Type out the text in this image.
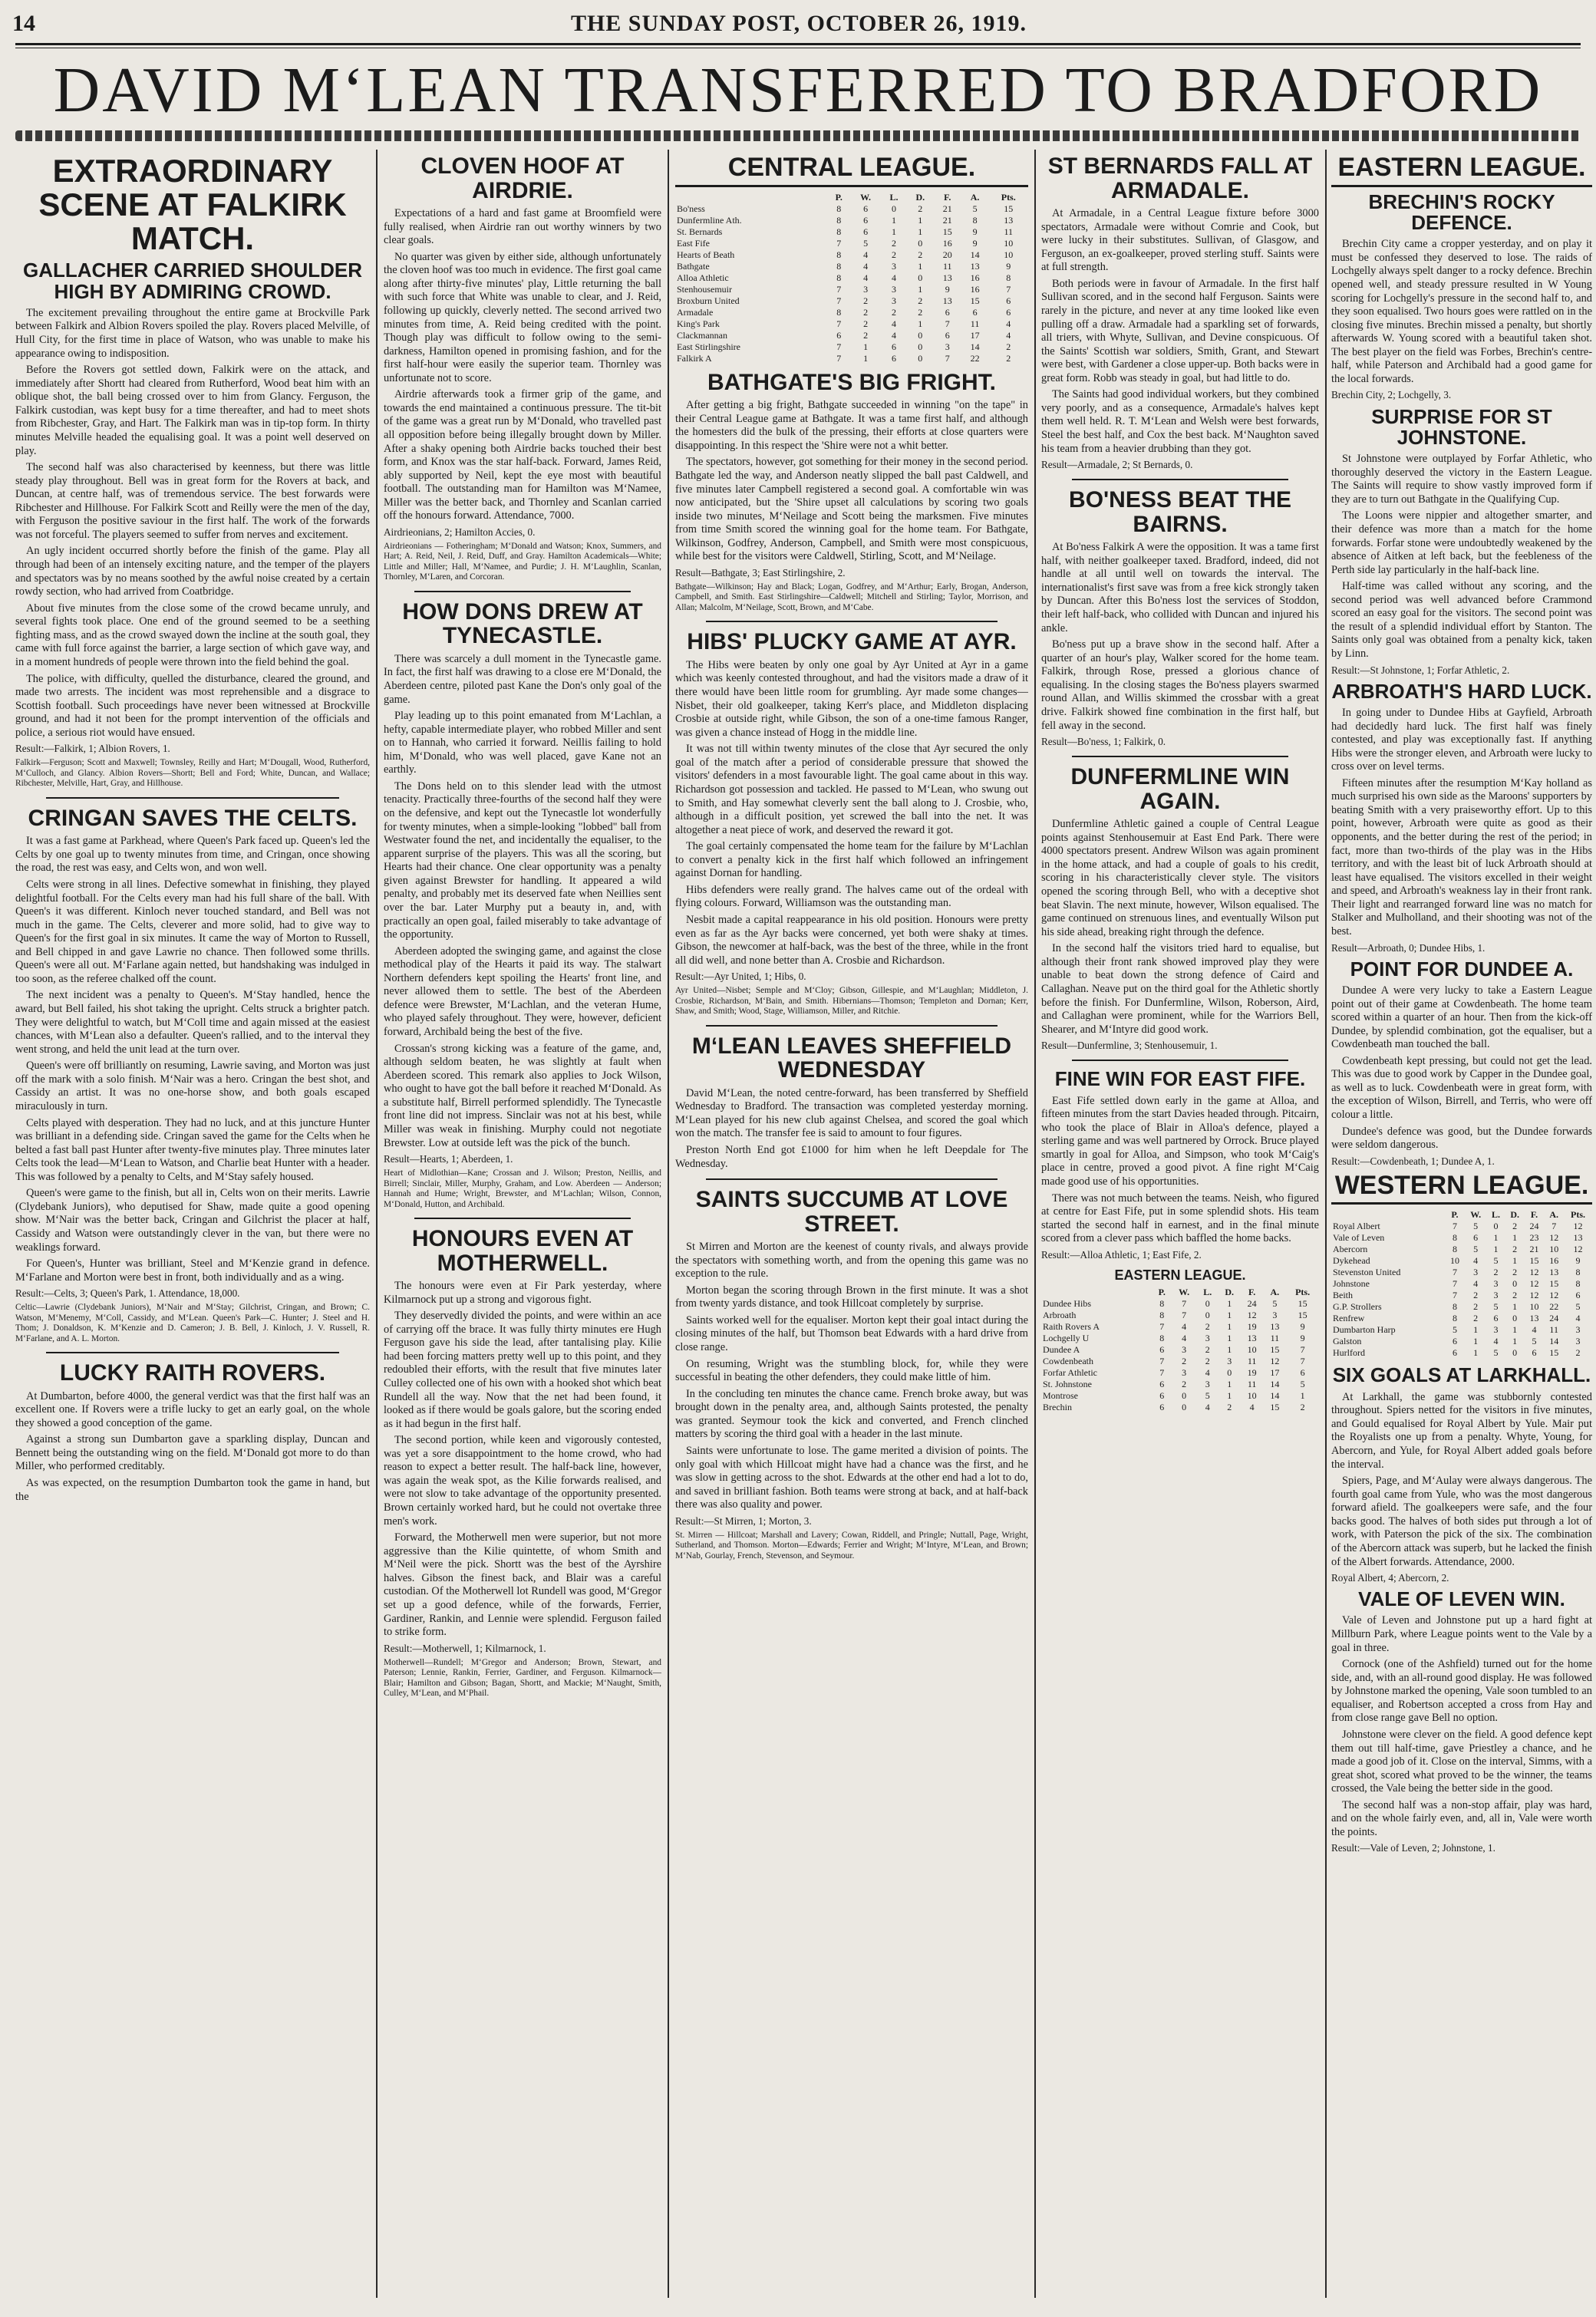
14	THE SUNDAY POST, OCTOBER 26, 1919.
DAVID M‘LEAN TRANSFERRED TO BRADFORD
EXTRAORDINARY SCENE AT FALKIRK MATCH.
GALLACHER CARRIED SHOULDER HIGH BY ADMIRING CROWD.

The excitement prevailing throughout the entire game at Brockville Park between Falkirk and Albion Rovers spoiled the play. Rovers placed Melville, of Hull City, for the first time in place of Watson, who was unable to make his appearance owing to indisposition.

Before the Rovers got settled down, Falkirk were on the attack, and immediately after Shortt had cleared from Rutherford, Wood beat him with an oblique shot, the ball being crossed over to him from Glancy. Ferguson, the Falkirk custodian, was kept busy for a time thereafter, and had to meet shots from Ribchester, Gray, and Hart. The Falkirk man was in tip-top form. In thirty minutes Melville headed the equalising goal. It was a point well deserved on play.

The second half was also characterised by keenness, but there was little steady play throughout. Bell was in great form for the Rovers at back, and Duncan, at centre half, was of tremendous service. The best forwards were Ribchester and Hillhouse. For Falkirk Scott and Reilly were the men of the day, with Ferguson the positive saviour in the first half. The work of the forwards was not forceful. The players seemed to suffer from nerves and excitement.

An ugly incident occurred shortly before the finish of the game. Play all through had been of an intensely exciting nature, and the temper of the players and spectators was by no means soothed by the awful noise created by a certain rowdy section, who had arrived from Coatbridge.

About five minutes from the close some of the crowd became unruly, and several fights took place. One end of the ground seemed to be a seething fighting mass, and as the crowd swayed down the incline at the south goal, they came with full force against the barrier, a large section of which gave way, and in a moment hundreds of people were thrown into the field behind the goal.

The police, with difficulty, quelled the disturbance, cleared the ground, and made two arrests. The incident was most reprehensible and a disgrace to Scottish football. Such proceedings have never been witnessed at Brockville ground, and had it not been for the prompt intervention of the officials and police, a serious riot would have ensued.

Result:—Falkirk, 1; Albion Rovers, 1.

Falkirk—Ferguson; Scott and Maxwell; Townsley, Reilly and Hart; M‘Dougall, Wood, Rutherford, M‘Culloch, and Glancy. Albion Rovers—Shortt; Bell and Ford; White, Duncan, and Wallace; Ribchester, Melville, Hart, Gray, and Hillhouse.

CRINGAN SAVES THE CELTS.

It was a fast game at Parkhead, where Queen's Park faced up. Queen's led the Celts by one goal up to twenty minutes from time, and Cringan, once showing the road, the rest was easy, and Celts won, and won well.

Celts were strong in all lines. Defective somewhat in finishing, they played delightful football. For the Celts every man had his full share of the ball. With Queen's it was different. Kinloch never touched standard, and Bell was not much in the game. The Celts, cleverer and more solid, had to give way to Queen's for the first goal in six minutes. It came the way of Morton to Russell, and Bell chipped in and gave Lawrie no chance. Then followed some thrills. Queen's were all out. M‘Farlane again netted, but handshaking was indulged in too soon, as the referee chalked off the count.

The next incident was a penalty to Queen's. M‘Stay handled, hence the award, but Bell failed, his shot taking the upright. Celts struck a brighter patch. They were delightful to watch, but M‘Coll time and again missed at the easiest chances, with M‘Lean also a defaulter. Queen's rallied, and to the interval they went strong, and held the unit lead at the turn over.

Queen's were off brilliantly on resuming, Lawrie saving, and Morton was just off the mark with a solo finish. M‘Nair was a hero. Cringan the best shot, and Cassidy an artist. It was no one-horse show, and both goals escaped miraculously in turn.

Celts played with desperation. They had no luck, and at this juncture Hunter was brilliant in a defending side. Cringan saved the game for the Celts when he belted a fast ball past Hunter after twenty-five minutes play. Three minutes later Celts took the lead—M‘Lean to Watson, and Charlie beat Hunter with a header. This was followed by a penalty to Celts, and M‘Stay safely housed.

Queen's were game to the finish, but all in, Celts won on their merits. Lawrie (Clydebank Juniors), who deputised for Shaw, made quite a good opening show. M‘Nair was the better back, Cringan and Gilchrist the placer at half, Cassidy and Watson were outstandingly clever in the van, but there were no weaklings forward.

For Queen's, Hunter was brilliant, Steel and M‘Kenzie grand in defence. M‘Farlane and Morton were best in front, both individually and as a wing.

Result:—Celts, 3; Queen's Park, 1. Attendance, 18,000.

Celtic—Lawrie (Clydebank Juniors), M‘Nair and M‘Stay; Gilchrist, Cringan, and Brown; C. Watson, M‘Menemy, M‘Coll, Cassidy, and M‘Lean. Queen's Park—C. Hunter; J. Steel and H. Thom; J. Donaldson, K. M‘Kenzie and D. Cameron; J. B. Bell, J. Kinloch, J. V. Russell, R. M‘Farlane, and A. L. Morton.

LUCKY RAITH ROVERS.

At Dumbarton, before 4000, the general verdict was that the first half was an excellent one. If Rovers were a trifle lucky to get an early goal, on the whole they showed a good conception of the game.

Against a strong sun Dumbarton gave a sparkling display, Duncan and Bennett being the outstanding wing on the field. M‘Donald got more to do than Miller, who performed creditably.

As was expected, on the resumption Dumbarton took the game in hand, but the

CLOVEN HOOF AT AIRDRIE.

Expectations of a hard and fast game at Broomfield were fully realised, when Airdrie ran out worthy winners by two clear goals.

No quarter was given by either side, although unfortunately the cloven hoof was too much in evidence. The first goal came along after thirty-five minutes' play, Little returning the ball with such force that White was unable to clear, and J. Reid, following up quickly, cleverly netted. The second arrived two minutes from time, A. Reid being credited with the point. Though play was difficult to follow owing to the semi-darkness, Hamilton opened in promising fashion, and for the first half-hour were easily the superior team. Thornley was unfortunate not to score.

Airdrie afterwards took a firmer grip of the game, and towards the end maintained a continuous pressure. The tit-bit of the game was a great run by M‘Donald, who travelled past all opposition before being illegally brought down by Miller. After a shaky opening both Airdrie backs touched their best form, and Knox was the star half-back. Forward, James Reid, ably supported by Neil, kept the eye most with beautiful football. The outstanding man for Hamilton was M‘Namee, Miller was the better back, and Thornley and Scanlan carried off the honours forward. Attendance, 7000.

Airdrieonians, 2; Hamilton Accies, 0.

Airdrieonians — Fotheringham; M‘Donald and Watson; Knox, Summers, and Hart; A. Reid, Neil, J. Reid, Duff, and Gray. Hamilton Academicals—White; Little and Miller; Hall, M‘Namee, and Purdie; J. H. M‘Laughlin, Scanlan, Thornley, M‘Laren, and Corcoran.

HOW DONS DREW AT TYNECASTLE.

There was scarcely a dull moment in the Tynecastle game. In fact, the first half was drawing to a close ere M‘Donald, the Aberdeen centre, piloted past Kane the Don's only goal of the game.

Play leading up to this point emanated from M‘Lachlan, a hefty, capable intermediate player, who robbed Miller and sent on to Hannah, who carried it forward. Neillis failing to hold him, M‘Donald, who was well placed, gave Kane not an earthly.

The Dons held on to this slender lead with the utmost tenacity. Practically three-fourths of the second half they were on the defensive, and kept out the Tynecastle lot wonderfully for twenty minutes, when a simple-looking "lobbed" ball from Westwater found the net, and incidentally the equaliser, to the apparent surprise of the players. This was all the scoring, but Hearts had their chance. One clear opportunity was a penalty given against Brewster for handling. It appeared a wild penalty, and probably met its deserved fate when Neillies sent over the bar. Later Murphy put a beauty in, and, with practically an open goal, failed miserably to take advantage of the opportunity.

Aberdeen adopted the swinging game, and against the close methodical play of the Hearts it paid its way. The stalwart Northern defenders kept spoiling the Hearts' front line, and never allowed them to settle. The best of the Aberdeen defence were Brewster, M‘Lachlan, and the veteran Hume, who played safely throughout. They were, however, deficient forward, Archibald being the best of the five.

Crossan's strong kicking was a feature of the game, and, although seldom beaten, he was slightly at fault when Aberdeen scored. This remark also applies to Jock Wilson, who ought to have got the ball before it reached M‘Donald. As a substitute half, Birrell performed splendidly. The Tynecastle front line did not impress. Sinclair was not at his best, while Miller was weak in finishing. Murphy could not negotiate Brewster. Low at outside left was the pick of the bunch.

Result—Hearts, 1; Aberdeen, 1.

Heart of Midlothian—Kane; Crossan and J. Wilson; Preston, Neillis, and Birrell; Sinclair, Miller, Murphy, Graham, and Low. Aberdeen — Anderson; Hannah and Hume; Wright, Brewster, and M‘Lachlan; Wilson, Connon, M‘Donald, Hutton, and Archibald.

HONOURS EVEN AT MOTHERWELL.

The honours were even at Fir Park yesterday, where Kilmarnock put up a strong and vigorous fight.

They deservedly divided the points, and were within an ace of carrying off the brace. It was fully thirty minutes ere Hugh Ferguson gave his side the lead, after tantalising play. Kilie had been forcing matters pretty well up to this point, and they redoubled their efforts, with the result that five minutes later Culley collected one of his own with a hooked shot which beat Rundell all the way. Now that the net had been found, it looked as if there would be goals galore, but the scoring ended as it had begun in the first half.

The second portion, while keen and vigorously contested, was yet a sore disappointment to the home crowd, who had reason to expect a better result. The half-back line, however, was again the weak spot, as the Kilie forwards realised, and were not slow to take advantage of the opportunity presented. Brown certainly worked hard, but he could not overtake three men's work.

Forward, the Motherwell men were superior, but not more aggressive than the Kilie quintette, of whom Smith and M‘Neil were the pick. Shortt was the best of the Ayrshire halves. Gibson the finest back, and Blair was a careful custodian. Of the Motherwell lot Rundell was good, M‘Gregor set up a good defence, while of the forwards, Ferrier, Gardiner, Rankin, and Lennie were splendid. Ferguson failed to strike form.

Result:—Motherwell, 1; Kilmarnock, 1.

Motherwell—Rundell; M‘Gregor and Anderson; Brown, Stewart, and Paterson; Lennie, Rankin, Ferrier, Gardiner, and Ferguson. Kilmarnock—Blair; Hamilton and Gibson; Bagan, Shortt, and Mackie; M‘Naught, Smith, Culley, M‘Lean, and M‘Phail.

CENTRAL LEAGUE.
	P.	W.	L.	D.	F.	A.	Pts.
Bo'ness	8	6	0	2	21	5	15
Dunfermline Ath.	8	6	1	1	21	8	13
St. Bernards	8	6	1	1	15	9	11
East Fife	7	5	2	0	16	9	10
Hearts of Beath	8	4	2	2	20	14	10
Bathgate	8	4	3	1	11	13	9
Alloa Athletic	8	4	4	0	13	16	8
Stenhousemuir	7	3	3	1	9	16	7
Broxburn United	7	2	3	2	13	15	6
Armadale	8	2	2	2	6	6	6
King's Park	7	2	4	1	7	11	4
Clackmannan	6	2	4	0	6	17	4
East Stirlingshire	7	1	6	0	3	14	2
Falkirk A	7	1	6	0	7	22	2
BATHGATE'S BIG FRIGHT.

After getting a big fright, Bathgate succeeded in winning "on the tape" in their Central League game at Bathgate. It was a tame first half, and although the homesters did the bulk of the pressing, their efforts at close quarters were disappointing. In this respect the 'Shire were not a whit better.

The spectators, however, got something for their money in the second period. Bathgate led the way, and Anderson neatly slipped the ball past Caldwell, and five minutes later Campbell registered a second goal. A comfortable win was now anticipated, but the 'Shire upset all calculations by scoring two goals inside two minutes, M‘Neilage and Scott being the marksmen. Five minutes from time Smith scored the winning goal for the home team. For Bathgate, Wilkinson, Godfrey, Anderson, Campbell, and Smith were most conspicuous, while best for the visitors were Caldwell, Stirling, Scott, and M‘Neilage.

Result—Bathgate, 3; East Stirlingshire, 2.

Bathgate—Wilkinson; Hay and Black; Logan, Godfrey, and M‘Arthur; Early, Brogan, Anderson, Campbell, and Smith. East Stirlingshire—Caldwell; Mitchell and Stirling; Taylor, Morrison, and Allan; Malcolm, M‘Neilage, Scott, Brown, and M‘Cabe.

HIBS' PLUCKY GAME AT AYR.

The Hibs were beaten by only one goal by Ayr United at Ayr in a game which was keenly contested throughout, and had the visitors made a draw of it there would have been little room for grumbling. Ayr made some changes—Nisbet, their old goalkeeper, taking Kerr's place, and Middleton displacing Crosbie at outside right, while Gibson, the son of a one-time famous Ranger, was given a chance instead of Hogg in the middle line.

It was not till within twenty minutes of the close that Ayr secured the only goal of the match after a period of considerable pressure that showed the visitors' defenders in a most favourable light. The goal came about in this way. Richardson got possession and tackled. He passed to M‘Lean, who swung out to Smith, and Hay somewhat cleverly sent the ball along to J. Crosbie, who, although in a difficult position, yet screwed the ball into the net. It was altogether a neat piece of work, and deserved the reward it got.

The goal certainly compensated the home team for the failure by M‘Lachlan to convert a penalty kick in the first half which followed an infringement against Dornan for handling.

Hibs defenders were really grand. The halves came out of the ordeal with flying colours. Forward, Williamson was the outstanding man.

Nesbit made a capital reappearance in his old position. Honours were pretty even as far as the Ayr backs were concerned, yet both were shaky at times. Gibson, the newcomer at half-back, was the best of the three, while in the front all did well, and none better than A. Crosbie and Richardson.

Result:—Ayr United, 1; Hibs, 0.

Ayr United—Nisbet; Semple and M‘Cloy; Gibson, Gillespie, and M‘Laughlan; Middleton, J. Crosbie, Richardson, M‘Bain, and Smith. Hibernians—Thomson; Templeton and Dornan; Kerr, Shaw, and Smith; Wood, Stage, Williamson, Miller, and Ritchie.

M‘LEAN LEAVES SHEFFIELD WEDNESDAY

David M‘Lean, the noted centre-forward, has been transferred by Sheffield Wednesday to Bradford. The transaction was completed yesterday morning. M‘Lean played for his new club against Chelsea, and scored the goal which won the match. The transfer fee is said to amount to four figures.

Preston North End got £1000 for him when he left Deepdale for The Wednesday.

SAINTS SUCCUMB AT LOVE STREET.

St Mirren and Morton are the keenest of county rivals, and always provide the spectators with something worth, and from the opening this game was no exception to the rule.

Morton began the scoring through Brown in the first minute. It was a shot from twenty yards distance, and took Hillcoat completely by surprise.

Saints worked well for the equaliser. Morton kept their goal intact during the closing minutes of the half, but Thomson beat Edwards with a hard drive from close range.

On resuming, Wright was the stumbling block, for, while they were successful in beating the other defenders, they could make little of him.

In the concluding ten minutes the chance came. French broke away, but was brought down in the penalty area, and, although Saints protested, the penalty was granted. Seymour took the kick and converted, and French clinched matters by scoring the third goal with a header in the last minute.

Saints were unfortunate to lose. The game merited a division of points. The only goal with which Hillcoat might have had a chance was the first, and he was slow in getting across to the shot. Edwards at the other end had a lot to do, and saved in brilliant fashion. Both teams were strong at back, and at half-back there was also quality and power.

Result:—St Mirren, 1; Morton, 3.

St. Mirren — Hillcoat; Marshall and Lavery; Cowan, Riddell, and Pringle; Nuttall, Page, Wright, Sutherland, and Thomson. Morton—Edwards; Ferrier and Wright; M‘Intyre, M‘Lean, and Brown; M‘Nab, Gourlay, French, Stevenson, and Seymour.

ST BERNARDS FALL AT ARMADALE.

At Armadale, in a Central League fixture before 3000 spectators, Armadale were without Comrie and Cook, but were lucky in their substitutes. Sullivan, of Glasgow, and Ferguson, an ex-goalkeeper, proved sterling stuff. Saints were at full strength.

Both periods were in favour of Armadale. In the first half Sullivan scored, and in the second half Ferguson. Saints were rarely in the picture, and never at any time looked like even pulling off a draw. Armadale had a sparkling set of forwards, all triers, with Whyte, Sullivan, and Devine conspicuous. Of the Saints' Scottish war soldiers, Smith, Grant, and Stewart were best, with Gardener a close upper-up. Both backs were in great form. Robb was steady in goal, but had little to do.

The Saints had good individual workers, but they combined very poorly, and as a consequence, Armadale's halves kept them well held. R. T. M‘Lean and Welsh were best forwards, Steel the best half, and Cox the best back. M‘Naughton saved his team from a heavier drubbing than they got.

Result—Armadale, 2; St Bernards, 0.

BO'NESS BEAT THE BAIRNS.

At Bo'ness Falkirk A were the opposition. It was a tame first half, with neither goalkeeper taxed. Bradford, indeed, did not handle at all until well on towards the interval. The internationalist's first save was from a free kick strongly taken by Duncan. After this Bo'ness lost the services of Stoddon, their left half-back, who collided with Duncan and injured his ankle.

Bo'ness put up a brave show in the second half. After a quarter of an hour's play, Walker scored for the home team. Falkirk, through Rose, pressed a glorious chance of equalising. In the closing stages the Bo'ness players swarmed round Allan, and Willis skimmed the crossbar with a great drive. Falkirk showed fine combination in the first half, but fell away in the second.

Result—Bo'ness, 1; Falkirk, 0.

DUNFERMLINE WIN AGAIN.

Dunfermline Athletic gained a couple of Central League points against Stenhousemuir at East End Park. There were 4000 spectators present. Andrew Wilson was again prominent in the home attack, and had a couple of goals to his credit, scoring in his characteristically clever style. The visitors opened the scoring through Bell, who with a deceptive shot beat Slavin. The next minute, however, Wilson equalised. The game continued on strenuous lines, and eventually Wilson put his side ahead, breaking right through the defence.

In the second half the visitors tried hard to equalise, but although their front rank showed improved play they were unable to beat down the strong defence of Caird and Callaghan. Neave put on the third goal for the Athletic shortly before the finish. For Dunfermline, Wilson, Roberson, Aird, and Callaghan were prominent, while for the Warriors Bell, Shearer, and M‘Intyre did good work.

Result—Dunfermline, 3; Stenhousemuir, 1.

FINE WIN FOR EAST FIFE.

East Fife settled down early in the game at Alloa, and fifteen minutes from the start Davies headed through. Pitcairn, who took the place of Blair in Alloa's defence, played a sterling game and was well partnered by Orrock. Bruce played smartly in goal for Alloa, and Simpson, who took M‘Caig's place in centre, proved a good pivot. A fine right M‘Caig made good use of his opportunities.

There was not much between the teams. Neish, who figured at centre for East Fife, put in some splendid shots. His team started the second half in earnest, and in the final minute scored from a clever pass which baffled the home backs.

Result:—Alloa Athletic, 1; East Fife, 2.

EASTERN LEAGUE.
	P.	W.	L.	D.	F.	A.	Pts.
Dundee Hibs	8	7	0	1	24	5	15
Arbroath	8	7	0	1	12	3	15
Raith Rovers A	7	4	2	1	19	13	9
Lochgelly U	8	4	3	1	13	11	9
Dundee A	6	3	2	1	10	15	7
Cowdenbeath	7	2	2	3	11	12	7
Forfar Athletic	7	3	4	0	19	17	6
St. Johnstone	6	2	3	1	11	14	5
Montrose	6	0	5	1	10	14	1
Brechin	6	0	4	2	4	15	2
EASTERN LEAGUE.
BRECHIN'S ROCKY DEFENCE.

Brechin City came a cropper yesterday, and on play it must be confessed they deserved to lose. The raids of Lochgelly always spelt danger to a rocky defence. Brechin opened well, and steady pressure resulted in W Young scoring for Lochgelly's pressure in the second half to, and they soon equalised. Two hours goes were rattled on in the closing five minutes. Brechin missed a penalty, but shortly afterwards W. Young scored with a beautiful taken shot. The best player on the field was Forbes, Brechin's centre-half, while Paterson and Archibald had a good game for the local forwards.

Brechin City, 2; Lochgelly, 3.

SURPRISE FOR ST JOHNSTONE.

St Johnstone were outplayed by Forfar Athletic, who thoroughly deserved the victory in the Eastern League. The Saints will require to show vastly improved form if they are to turn out Bathgate in the Qualifying Cup.

The Loons were nippier and altogether smarter, and their defence was more than a match for the home forwards. Forfar stone were undoubtedly weakened by the absence of Aitken at left back, but the feebleness of the Perth side lay particularly in the half-back line.

Half-time was called without any scoring, and the second period was well advanced before Crammond scored an easy goal for the visitors. The second point was the result of a splendid individual effort by Stanton. The Saints only goal was obtained from a penalty kick, taken by Linn.

Result:—St Johnstone, 1; Forfar Athletic, 2.

ARBROATH'S HARD LUCK.

In going under to Dundee Hibs at Gayfield, Arbroath had decidedly hard luck. The first half was finely contested, and play was exceptionally fast. If anything Hibs were the stronger eleven, and Arbroath were lucky to cross over on level terms.

Fifteen minutes after the resumption M‘Kay holland as much surprised his own side as the Maroons' supporters by beating Smith with a very praiseworthy effort. Up to this point, however, Arbroath were quite as good as their opponents, and the better during the rest of the period; in fact, more than two-thirds of the play was in the Hibs territory, and with the least bit of luck Arbroath should at least have equalised. The visitors excelled in their weight and speed, and Arbroath's weakness lay in their front rank. Their light and rearranged forward line was no match for Stalker and Mulholland, and their shooting was not of the best.

Result—Arbroath, 0; Dundee Hibs, 1.

POINT FOR DUNDEE A.

Dundee A were very lucky to take a Eastern League point out of their game at Cowdenbeath. The home team scored within a quarter of an hour. Then from the kick-off Dundee, by splendid combination, got the equaliser, but a Cowdenbeath man touched the ball.

Cowdenbeath kept pressing, but could not get the lead. This was due to good work by Capper in the Dundee goal, as well as to luck. Cowdenbeath were in great form, with the exception of Wilson, Birrell, and Terris, who were off colour a little.

Dundee's defence was good, but the Dundee forwards were seldom dangerous.

Result:—Cowdenbeath, 1; Dundee A, 1.

WESTERN LEAGUE.
	P.	W.	L.	D.	F.	A.	Pts.
Royal Albert	7	5	0	2	24	7	12
Vale of Leven	8	6	1	1	23	12	13
Abercorn	8	5	1	2	21	10	12
Dykehead	10	4	5	1	15	16	9
Stevenston United	7	3	2	2	12	13	8
Johnstone	7	4	3	0	12	15	8
Beith	7	2	3	2	12	12	6
G.P. Strollers	8	2	5	1	10	22	5
Renfrew	8	2	6	0	13	24	4
Dumbarton Harp	5	1	3	1	4	11	3
Galston	6	1	4	1	5	14	3
Hurlford	6	1	5	0	6	15	2
SIX GOALS AT LARKHALL.

At Larkhall, the game was stubbornly contested throughout. Spiers netted for the visitors in five minutes, and Gould equalised for Royal Albert by Yule. Mair put the Royalists one up from a penalty. Whyte, Young, for Abercorn, and Yule, for Royal Albert added goals before the interval.

Spiers, Page, and M‘Aulay were always dangerous. The fourth goal came from Yule, who was the most dangerous forward afield. The goalkeepers were safe, and the four backs good. The halves of both sides put through a lot of work, with Paterson the pick of the six. The combination of the Abercorn attack was superb, but he lacked the finish of the Albert forwards. Attendance, 2000.

Royal Albert, 4; Abercorn, 2.

VALE OF LEVEN WIN.

Vale of Leven and Johnstone put up a hard fight at Millburn Park, where League points went to the Vale by a goal in three.

Cornock (one of the Ashfield) turned out for the home side, and, with an all-round good display. He was followed by Johnstone marked the opening, Vale soon tumbled to an equaliser, and Robertson accepted a cross from Hay and from close range gave Bell no option.

Johnstone were clever on the field. A good defence kept them out till half-time, gave Priestley a chance, and he made a good job of it. Close on the interval, Simms, with a great shot, scored what proved to be the winner, the teams crossed, the Vale being the better side in the good.

The second half was a non-stop affair, play was hard, and on the whole fairly even, and, all in, Vale were worth the points.

Result:—Vale of Leven, 2; Johnstone, 1.
